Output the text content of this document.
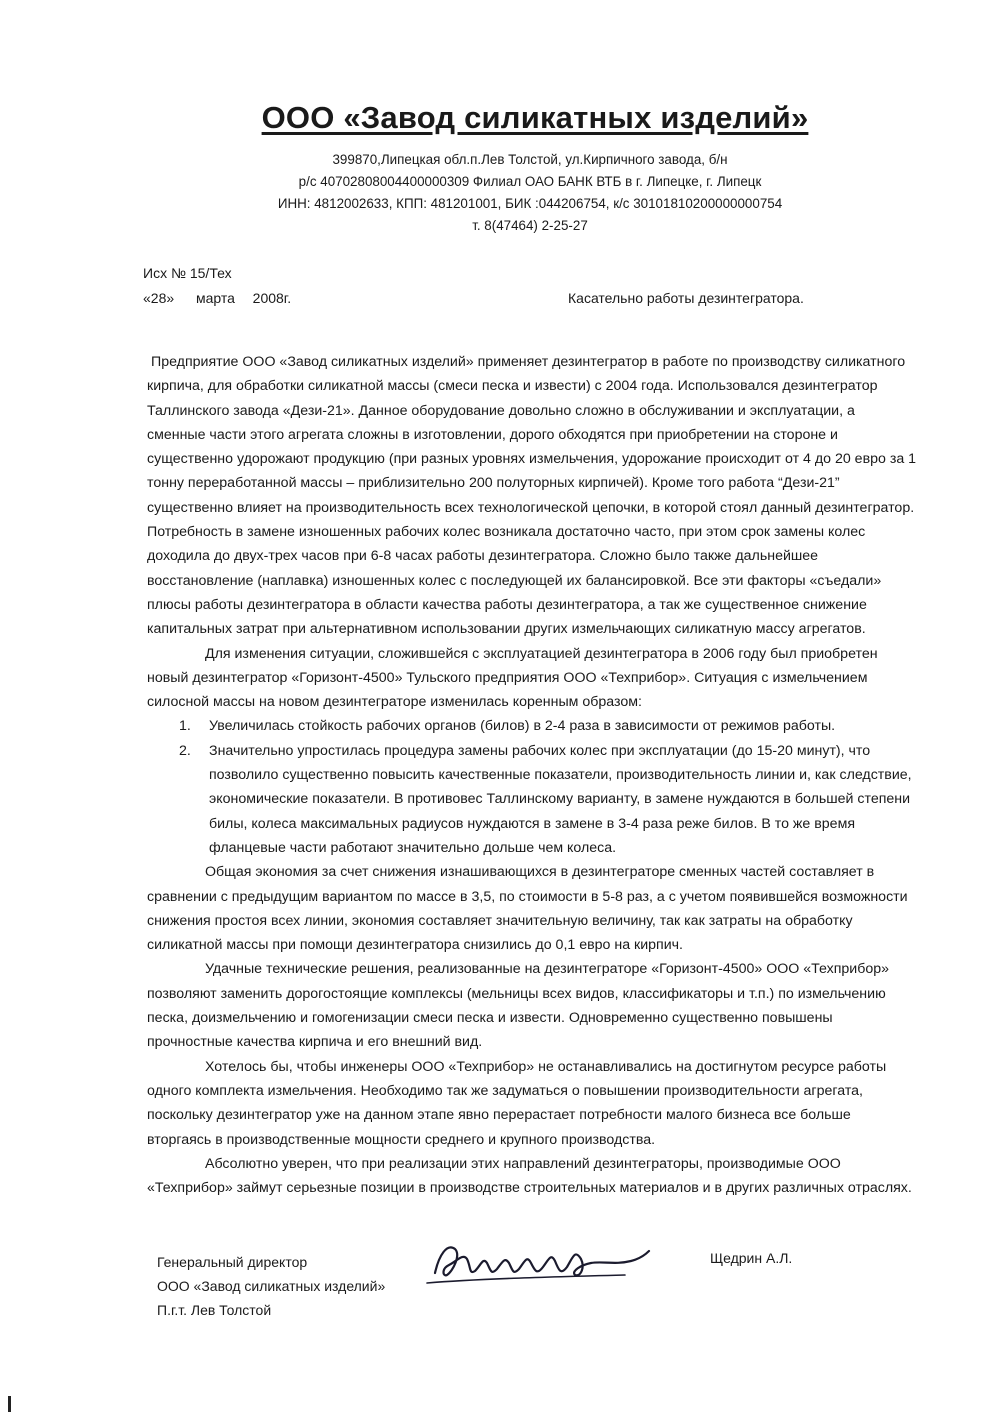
ООО «Завод силикатных изделий»
399870,Липецкая обл.п.Лев Толстой, ул.Кирпичного завода, б/н
р/с 40702808004400000309 Филиал ОАО БАНК ВТБ в г. Липецке, г. Липецк
ИНН: 4812002633, КПП: 481201001, БИК :044206754, к/с 30101810200000000754
т. 8(47464) 2-25-27
Исх № 15/Тех
«28» марта 2008г.	Касательно работы дезинтегратора.

Предприятие ООО «Завод силикатных изделий» применяет дезинтегратор в работе по производству силикатного кирпича, для обработки силикатной массы (смеси песка и извести) с 2004 года. Использовался дезинтегратор Таллинского завода «Дези-21». Данное оборудование довольно сложно в обслуживании и эксплуатации, а сменные части этого агрегата сложны в изготовлении, дорого обходятся при приобретении на стороне и существенно удорожают продукцию (при разных уровнях измельчения, удорожание происходит от 4 до 20 евро за 1 тонну переработанной массы – приблизительно 200 полуторных кирпичей). Кроме того работа “Дези-21” существенно влияет на производительность всех технологической цепочки, в которой стоял данный дезинтегратор. Потребность в замене изношенных рабочих колес возникала достаточно часто, при этом срок замены колес доходила до двух-трех часов при 6-8 часах работы дезинтегратора. Сложно было также дальнейшее восстановление (наплавка) изношенных колес с последующей их балансировкой. Все эти факторы «съедали» плюсы работы дезинтегратора в области качества работы дезинтегратора, а так же существенное снижение капитальных затрат при альтернативном использовании других измельчающих силикатную массу агрегатов.

Для изменения ситуации, сложившейся с эксплуатацией дезинтегратора в 2006 году был приобретен новый дезинтегратор «Горизонт-4500» Тульского предприятия ООО «Техприбор». Ситуация с измельчением силосной массы на новом дезинтеграторе изменилась коренным образом:

1. Увеличилась стойкость рабочих органов (билов) в 2-4 раза в зависимости от режимов работы.
2. Значительно упростилась процедура замены рабочих колес при эксплуатации (до 15-20 минут), что позволило существенно повысить качественные показатели, производительность линии и, как следствие, экономические показатели. В противовес Таллинскому варианту, в замене нуждаются в большей степени билы, колеса максимальных радиусов нуждаются в замене в 3-4 раза реже билов. В то же время фланцевые части работают значительно дольше чем колеса.

Общая экономия за счет снижения изнашивающихся в дезинтеграторе сменных частей составляет в сравнении с предыдущим вариантом по массе в 3,5, по стоимости в 5-8 раз, а с учетом появившейся возможности снижения простоя всех линии, экономия составляет значительную величину, так как затраты на обработку силикатной массы при помощи дезинтегратора снизились до 0,1 евро на кирпич.

Удачные технические решения, реализованные на дезинтеграторе «Горизонт-4500» ООО «Техприбор» позволяют заменить дорогостоящие комплексы (мельницы всех видов, классификаторы и т.п.) по измельчению песка, доизмельчению и гомогенизации смеси песка и извести. Одновременно существенно повышены прочностные качества кирпича и его внешний вид.

Хотелось бы, чтобы инженеры ООО «Техприбор» не останавливались на достигнутом ресурсе работы одного комплекта измельчения. Необходимо так же задуматься о повышении производительности агрегата, поскольку дезинтегратор уже на данном этапе явно перерастает потребности малого бизнеса все больше вторгаясь в производственные мощности среднего и крупного производства.

Абсолютно уверен, что при реализации этих направлений дезинтеграторы, производимые ООО «Техприбор» займут серьезные позиции в производстве строительных материалов и в других различных отраслях.

Генеральный директор
ООО «Завод силикатных изделий»
П.г.т. Лев Толстой
Щедрин А.Л.
